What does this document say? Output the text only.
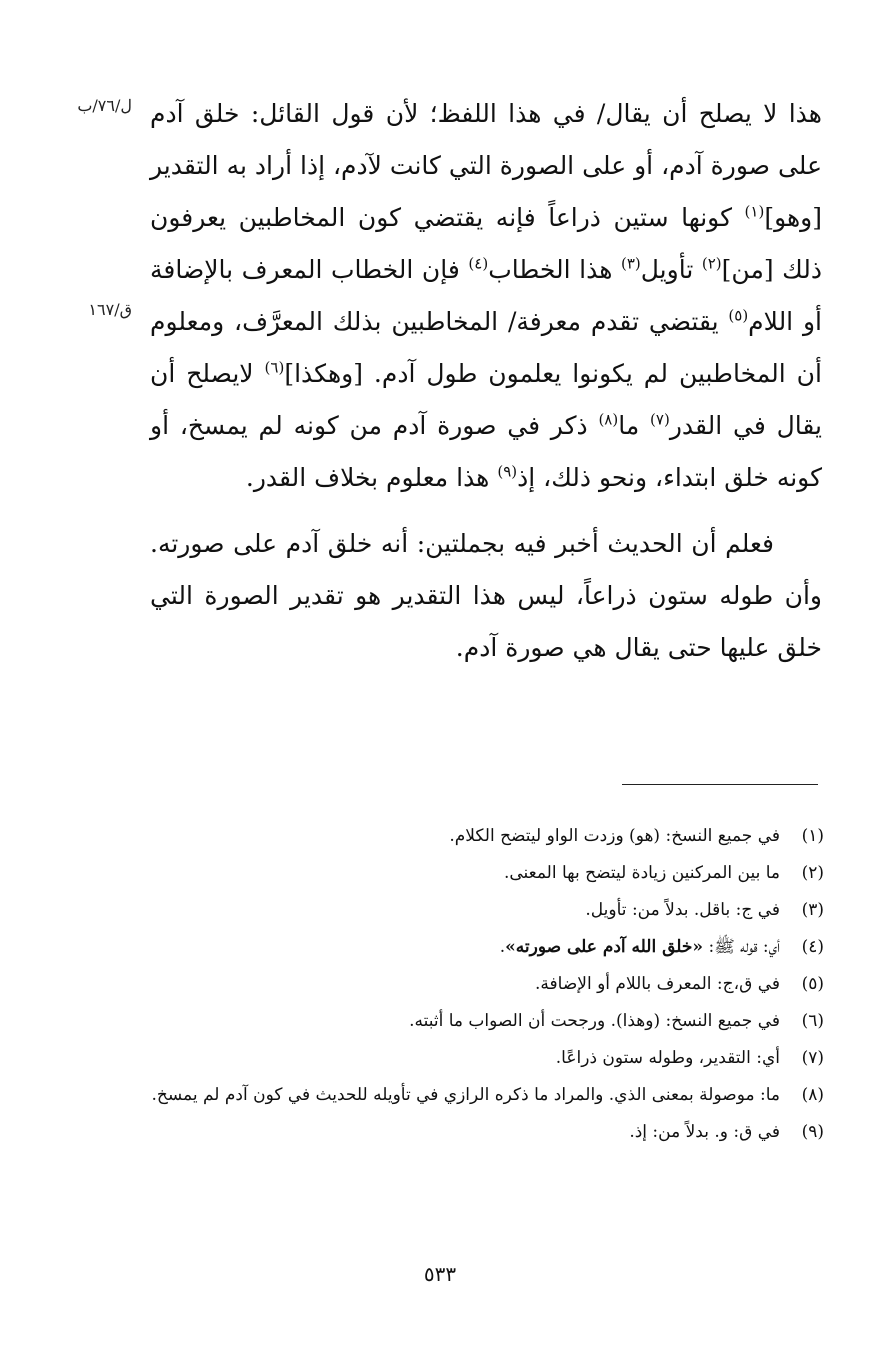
ل/٧٦/ب
ق/١٦٧

هذا لا يصلح أن يقال/ في هذا اللفظ؛ لأن قول القائل: خلق آدم على صورة آدم، أو على الصورة التي كانت لآدم، إذا أراد به التقدير [وهو]$^{(١)}$ كونها ستين ذراعاً فإنه يقتضي كون المخاطبين يعرفون ذلك [من]$^{(٢)}$ تأويل$^{(٣)}$ هذا الخطاب$^{(٤)}$ فإن الخطاب المعرف بالإضافة أو اللام$^{(٥)}$ يقتضي تقدم معرفة/ المخاطبين بذلك المعرَّف، ومعلوم أن المخاطبين لم يكونوا يعلمون طول آدم. [وهكذا]$^{(٦)}$ لايصلح أن يقال في القدر$^{(٧)}$ ما$^{(٨)}$ ذكر في صورة آدم من كونه لم يمسخ، أو كونه خلق ابتداء، ونحو ذلك، إذ$^{(٩)}$ هذا معلوم بخلاف القدر.

فعلم أن الحديث أخبر فيه بجملتين: أنه خلق آدم على صورته. وأن طوله ستون ذراعاً، ليس هذا التقدير هو تقدير الصورة التي خلق عليها حتى يقال هي صورة آدم.

(١)
في جميع النسخ: (هو) وزدت الواو ليتضح الكلام.
(٢)
ما بين المركنين زيادة ليتضح بها المعنى.
(٣)
في ج: باقل. بدلاً من: تأويل.
(٤)
أي: قوله ﷺ: «خلق الله آدم على صورته».
(٥)
في ق،ج: المعرف باللام أو الإضافة.
(٦)
في جميع النسخ: (وهذا). ورجحت أن الصواب ما أثبته.
(٧)
أي: التقدير، وطوله ستون ذراعًا.
(٨)
ما: موصولة بمعنى الذي. والمراد ما ذكره الرازي في تأويله للحديث في كون آدم لم يمسخ.
(٩)
في ق: و. بدلاً من: إذ.
٥٣٣
